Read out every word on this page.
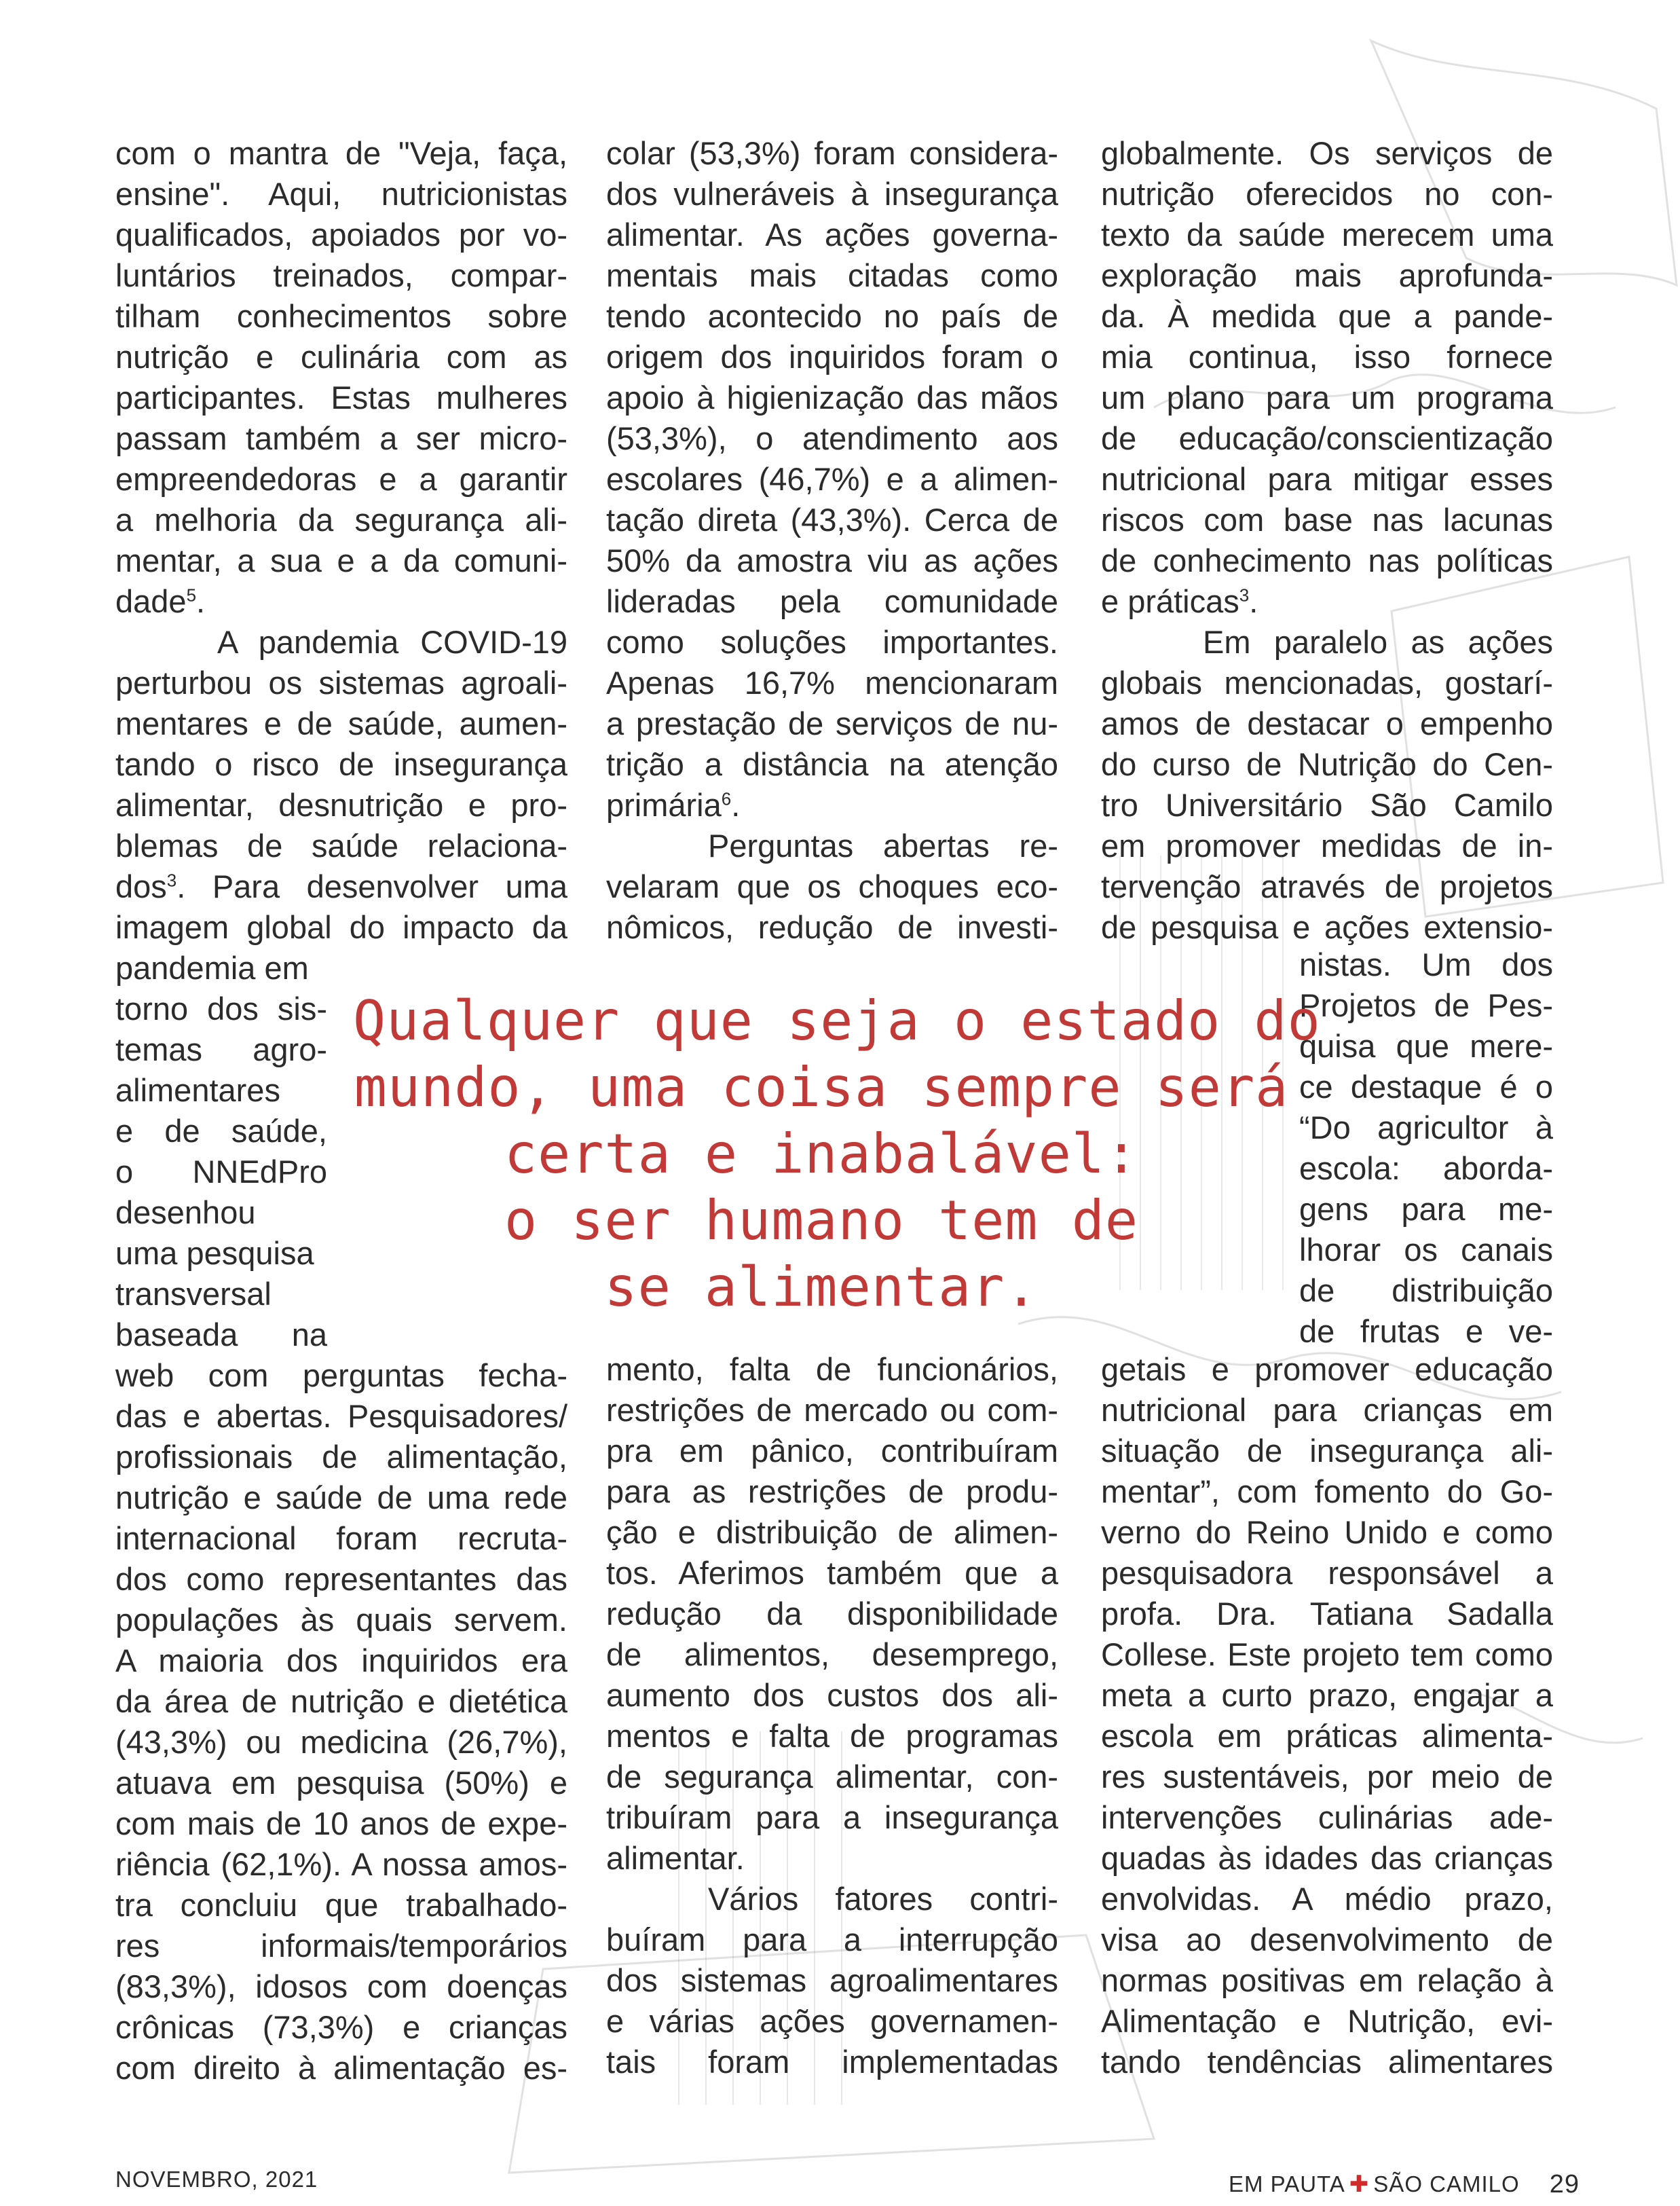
com o mantra de "Veja, faça,
ensine". Aqui, nutricionistas
qualificados, apoiados por vo-
luntários treinados, compar-
tilham conhecimentos sobre
nutrição e culinária com as
participantes. Estas mulheres
passam também a ser micro-
empreendedoras e a garantir
a melhoria da segurança ali-
mentar, a sua e a da comuni-
dade$^5$.
A pandemia COVID-19
perturbou os sistemas agroali-
mentares e de saúde, aumen-
tando o risco de insegurança
alimentar, desnutrição e pro-
blemas de saúde relaciona-
dos$^3$. Para desenvolver uma
imagem global do impacto da
pandemia em
torno dos sis-
temas agro-
alimentares
e de saúde,
o NNEdPro
desenhou
uma pesquisa
transversal
baseada na
web com perguntas fecha-
das e abertas. Pesquisadores/
profissionais de alimentação,
nutrição e saúde de uma rede
internacional foram recruta-
dos como representantes das
populações às quais servem.
A maioria dos inquiridos era
da área de nutrição e dietética
(43,3%) ou medicina (26,7%),
atuava em pesquisa (50%) e
com mais de 10 anos de expe-
riência (62,1%). A nossa amos-
tra concluiu que trabalhado-
res informais/temporários
(83,3%), idosos com doenças
crônicas (73,3%) e crianças
com direito à alimentação es-
colar (53,3%) foram considera-
dos vulneráveis à insegurança
alimentar. As ações governa-
mentais mais citadas como
tendo acontecido no país de
origem dos inquiridos foram o
apoio à higienização das mãos
(53,3%), o atendimento aos
escolares (46,7%) e a alimen-
tação direta (43,3%). Cerca de
50% da amostra viu as ações
lideradas pela comunidade
como soluções importantes.
Apenas 16,7% mencionaram
a prestação de serviços de nu-
trição a distância na atenção
primária$^6$.
Perguntas abertas re-
velaram que os choques eco-
nômicos, redução de investi-
mento, falta de funcionários,
restrições de mercado ou com-
pra em pânico, contribuíram
para as restrições de produ-
ção e distribuição de alimen-
tos. Aferimos também que a
redução da disponibilidade
de alimentos, desemprego,
aumento dos custos dos ali-
mentos e falta de programas
de segurança alimentar, con-
tribuíram para a insegurança
alimentar.
Vários fatores contri-
buíram para a interrupção
dos sistemas agroalimentares
e várias ações governamen-
tais foram implementadas
globalmente. Os serviços de
nutrição oferecidos no con-
texto da saúde merecem uma
exploração mais aprofunda-
da. À medida que a pande-
mia continua, isso fornece
um plano para um programa
de educação/conscientização
nutricional para mitigar esses
riscos com base nas lacunas
de conhecimento nas políticas
e práticas$^3$.
Em paralelo as ações
globais mencionadas, gostarí-
amos de destacar o empenho
do curso de Nutrição do Cen-
tro Universitário São Camilo
em promover medidas de in-
tervenção através de projetos
de pesquisa e ações extensio-
nistas. Um dos
Projetos de Pes-
quisa que mere-
ce destaque é o
“Do agricultor à
escola: aborda-
gens para me-
lhorar os canais
de distribuição
de frutas e ve-
getais e promover educação
nutricional para crianças em
situação de insegurança ali-
mentar”, com fomento do Go-
verno do Reino Unido e como
pesquisadora responsável a
profa. Dra. Tatiana Sadalla
Collese. Este projeto tem como
meta a curto prazo, engajar a
escola em práticas alimenta-
res sustentáveis, por meio de
intervenções culinárias ade-
quadas às idades das crianças
envolvidas. A médio prazo,
visa ao desenvolvimento de
normas positivas em relação à
Alimentação e Nutrição, evi-
tando tendências alimentares
Qualquer que seja o estado do
mundo, uma coisa sempre será
certa e inabalável:
o ser humano tem de
se alimentar.
NOVEMBRO, 2021	EM PAUTA ✚ SÃO CAMILO 29
